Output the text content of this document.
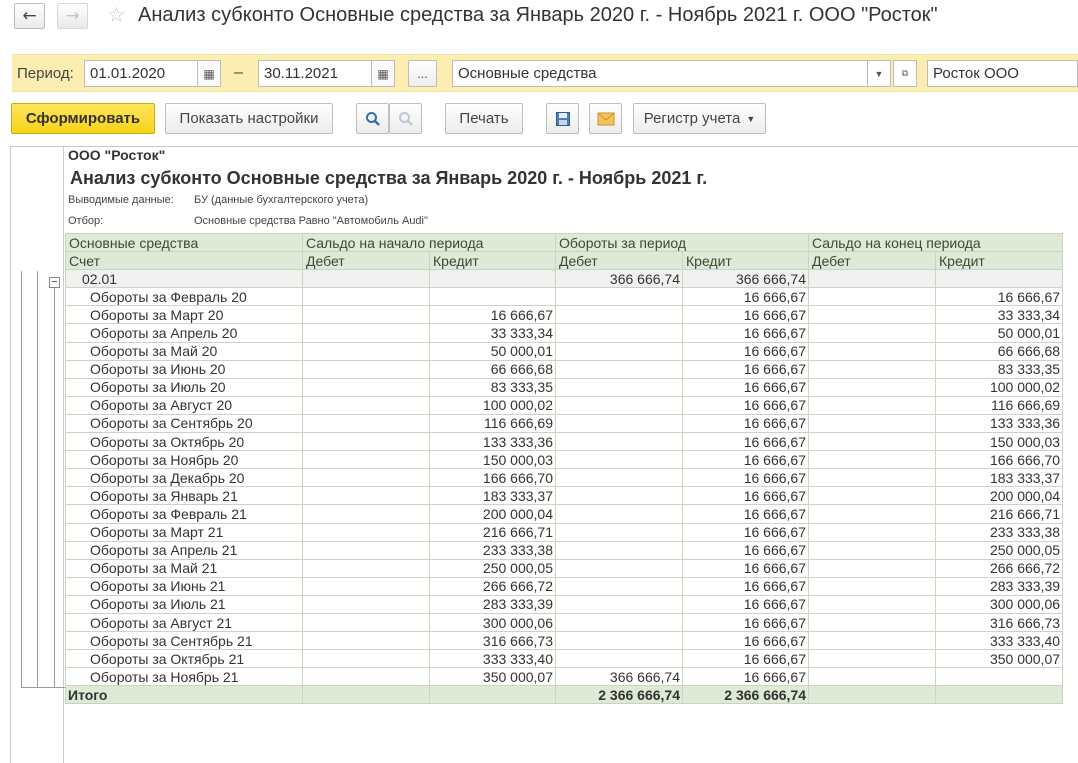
← → ☆ Анализ субконто Основные средства за Январь 2020 г. - Ноябрь 2021 г. ООО "Росток"
Период:	01.01.2020	▦ –	30.11.2021	▦	...	Основные средства	▼ ⧉	Росток ООО
Сформировать	Показать настройки	Печать	Регистр учета ▼
ООО "Росток"
Анализ субконто Основные средства за Январь 2020 г. - Ноябрь 2021 г.
Выводимые данные: БУ (данные бухгалтерского учета)
Отбор:	Основные средства Равно "Автомобиль Audi"
−
Основные средства	Сальдо на начало периода		Обороты за период		Сальдо на конец периода	
Счет	Дебет	Кредит	Дебет	Кредит	Дебет	Кредит
02.01			366 666,74	366 666,74		
Обороты за Февраль 20				16 666,67		16 666,67
Обороты за Март 20		16 666,67		16 666,67		33 333,34
Обороты за Апрель 20		33 333,34		16 666,67		50 000,01
Обороты за Май 20		50 000,01		16 666,67		66 666,68
Обороты за Июнь 20		66 666,68		16 666,67		83 333,35
Обороты за Июль 20		83 333,35		16 666,67		100 000,02
Обороты за Август 20		100 000,02		16 666,67		116 666,69
Обороты за Сентябрь 20		116 666,69		16 666,67		133 333,36
Обороты за Октябрь 20		133 333,36		16 666,67		150 000,03
Обороты за Ноябрь 20		150 000,03		16 666,67		166 666,70
Обороты за Декабрь 20		166 666,70		16 666,67		183 333,37
Обороты за Январь 21		183 333,37		16 666,67		200 000,04
Обороты за Февраль 21		200 000,04		16 666,67		216 666,71
Обороты за Март 21		216 666,71		16 666,67		233 333,38
Обороты за Апрель 21		233 333,38		16 666,67		250 000,05
Обороты за Май 21		250 000,05		16 666,67		266 666,72
Обороты за Июнь 21		266 666,72		16 666,67		283 333,39
Обороты за Июль 21		283 333,39		16 666,67		300 000,06
Обороты за Август 21		300 000,06		16 666,67		316 666,73
Обороты за Сентябрь 21		316 666,73		16 666,67		333 333,40
Обороты за Октябрь 21		333 333,40		16 666,67		350 000,07
Обороты за Ноябрь 21		350 000,07	366 666,74	16 666,67		
Итого			2 366 666,74	2 366 666,74		
